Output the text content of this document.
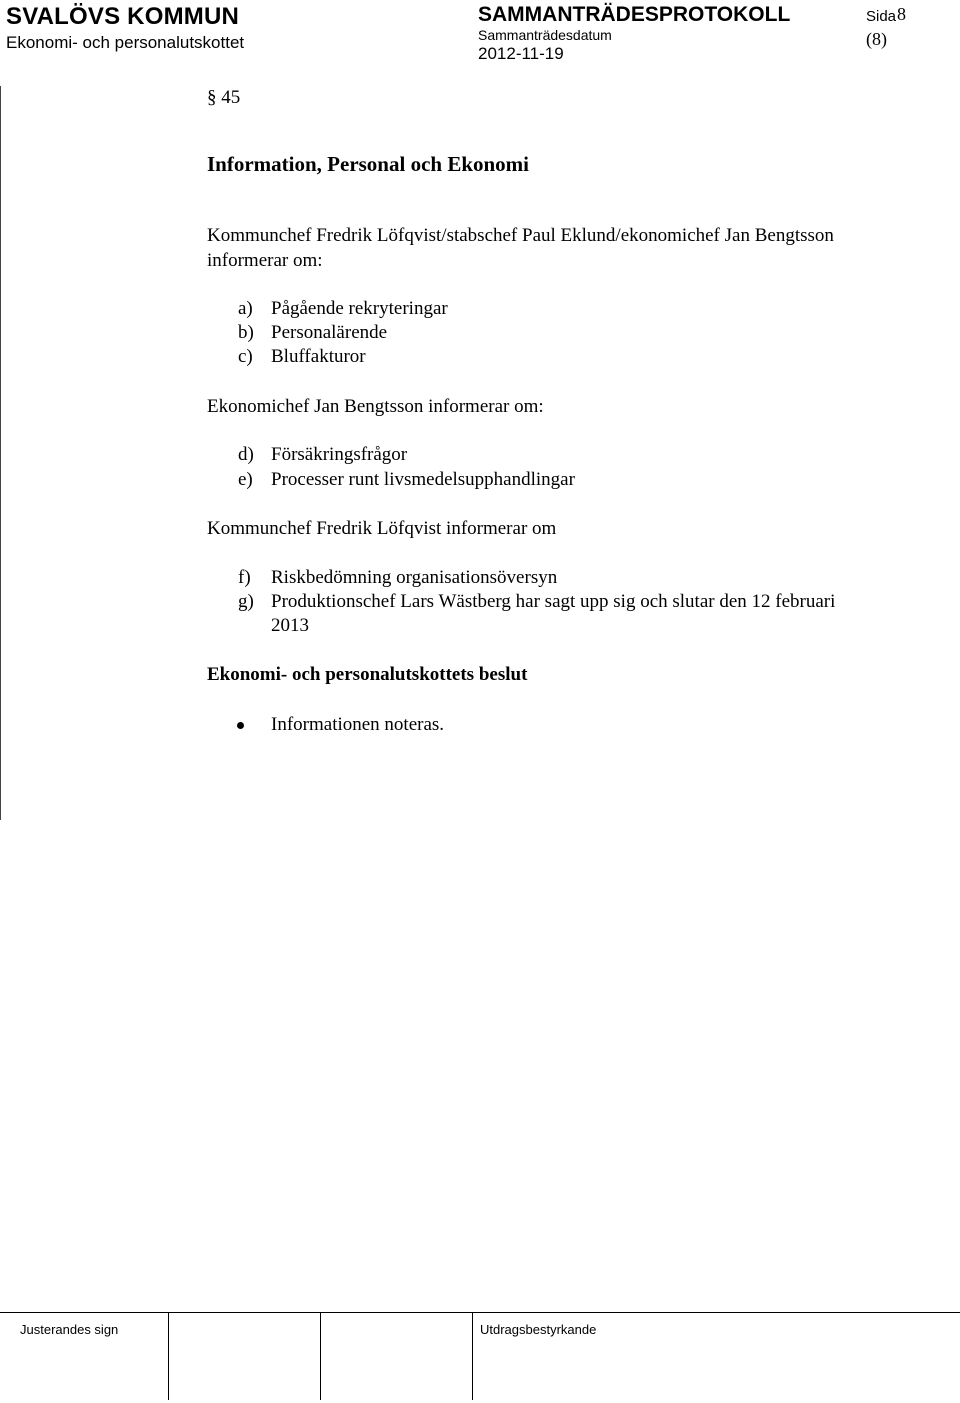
SVALÖVS KOMMUN
Ekonomi- och personalutskottet
SAMMANTRÄDESPROTOKOLL
Sammanträdesdatum
2012-11-19
Sida 8
(8)
§ 45
Information, Personal och Ekonomi
Kommunchef Fredrik Löfqvist/stabschef Paul Eklund/ekonomichef Jan Bengtsson
informerar om:
a) Pågående rekryteringar
b) Personalärende
c) Bluffakturor
Ekonomichef Jan Bengtsson informerar om:
d) Försäkringsfrågor
e) Processer runt livsmedelsupphandlingar
Kommunchef Fredrik Löfqvist informerar om
f) Riskbedömning organisationsöversyn
g) Produktionschef Lars Wästberg har sagt upp sig och slutar den 12 februari
2013
Ekonomi- och personalutskottets beslut
Informationen noteras.
Justerandes sign	Utdragsbestyrkande
